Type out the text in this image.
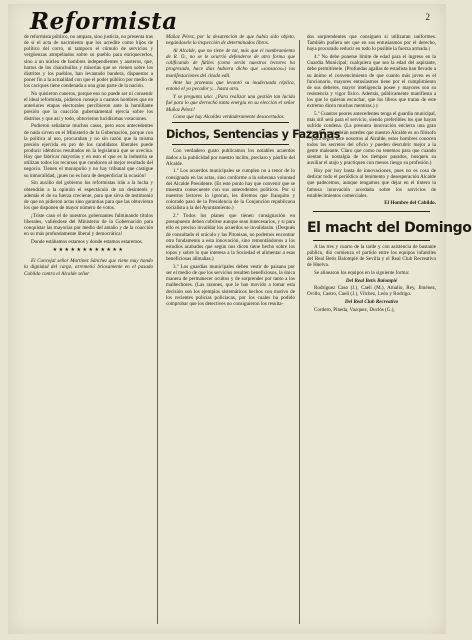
Reformista	2

de reformista público, no ampara, sino justicia, no presenta tras de sí el acta de nacimiento que los acredite como hijos de político del corro, ni tampoco el cúmulo de servicios y vergüenzas atropellados sobre su pueblo para enriquecerlos, sino a un núcleo de hombres independientes y austeros, que, hartos de los chanchullos y miserias que se vienen sobre los distritos y los pueblos, han levantado bandera, dispuestos a poner fin a la actualidad con que el poder público por medio de los caciques tiene condenada a una gran parte de la nación.

No quisieron cuneros, porque eso no puede ser ni consentir el ideal reformista, pidieron consejo a cuantos hombres que en anteriores etapas electorales percibieron ante la humillante presión que la coacción gubernamental ejercía sobre los distritos y que así y todo, obtuvieron lucidísimas votaciones.

Pudieron señalarse muchos casos, pero esos antecedentes de nada sirven en el Ministerio de la Gobernación, porque con la política al uso, procuraban y no sin razón que la misma presión ejercida en pro de los candidatos liberales puede producir idénticos resultados en la legislatura que se avecina. Hay que fabricar mayorías y en esto el que es la industria se utilizan todos los recursos que conducen al mejor resultado del negocio. Tienen el monopolio y no hay tribunal que castigue su inmoralidad, ¡pues no es hora de desperdiciar la ocasión!

Sin auxilio del gobierno los reformistas irán a la lucha y obtendrán a la opinión el espectáculo de un desinterés y además el de su fuerza creciente, para que sirva de testimonio de que no pidieron actas sino garantías para que las obtuvieran los que disponen de mayor número de votos.

¡Triste caso el de nuestros gobernantes fulminando títulos liberales, valiéndose del Ministerio de la Gobernación para conquistar las mayorías por medio del amaño y de la coacción en su más profundamente liberal y democrática!

Donde estábamos estamos y donde estamos estaremos.

★★★★★★★★★★★★

El Concejal señor Martínez Sánchez que viene muy hondo la dignidad del cargo, arremetió briosamente en el pasado Cabildo contra el Alcalde señor

Muñoz Pérez, por la desatención de que había sido objeto, negándosele la inspección de determinados libros.

Al Alcalde, que no tiene de tal, más que el nombramiento de R. O., no se le ocurrió defenderse de otra forma que calificando de fútiles (como serán nuestros lectores ha progresado, hace días hubiera dicho que «sonsacas») las manifestaciones del citado edil.

Ante las protestas que levantó su inadecuada réplica, entonó el yo pecador y... hasta otra.

Y se pregunta uno: ¿Para realizar una gestión tan lucida fué para lo que derrochó tanta energía en su elección el señor Muñoz Pérez?

Como que hay Alcaldes verdaderamente desacertados.

Dichos, Sentencias y Fazañas

Con verdadero gusto publicamos los notables acuerdos dados a la publicidad por nuestro inclito, preclaro y pánfilo del Alcalde.

1.º Los acuerdos municipales se cumplen no a tenor de lo consignado en las actas, sino conforme a la soberana voluntad del Alcalde Presidente. (Es este punto hay que convenir que se muestra consecuente con sus antecedentes políticos. Por si nuestros lectores lo ignoran, les diremos que franquito y colorado pasó de la Presidencia de la Conjunción republicana socialista a la del Ayuntamiento.)

2.º Todos los planes que tienen consignación en presupuesto deben cubrirse aunque sean innecesarios, y si para ello es preciso invalidar los acuerdos se invalidarán. (Después de consultado el oráculo y las Pitonisas, no podemos encontrar otro fundamento a esta innovación, sino remontándonos a los estudios acabados que según nos dicen tiene hecho sobre los topos y sobre lo que interesa a la Sociedad el alimentar a esas beneficiosas alimañas.)

3.º Los guardias municipales deben vestir de paisano por ser el medio de que los servicios resulten beneficiosos, la única manera de permanecer ocultos y de sorprender por tanto a los malhechores. (Las razones, que le han movido a tomar esta decisión son los ejemplos sistemáticos hechos con motivo de los recientes policías policiacas, por los cuales ha podido comprobar que los detectives no consiguieron los resulta-

dos sorprendentes que consiguen si utilizaran uniformes. También pudiera ser que en sus entusiasmos por el derecho, haya procurado reducir en todo lo posible la fuerza armada.)

4.º No debe ponerse límite de edad para el ingreso en la Guardia Municipal; cualquiera que sea la edad del aspirante, debe permitírsele. (Profundas agallas de estadista han llevado a su ánimo el convencimiento de que cuanto más joven es el funcionario, mayores entusiasmos tiene por el cumplimiento de sus deberes, mayor inteligencia posee y mayores son su resistencia y vigor físico. Además, públicamente manifiesta a los que lo quieran escuchar, que los libros que tratan de este extremo dicen muchas mentiras.) y

5.º Cuantos peores antecedentes tenga el guardia municipal, más útil será para el servicio, siendo preferibles los que hayan sufrido condena. (La presunta innovación encierra una gran filosofía, y si sabrán ustedes que nuestro Alcalde es un filósofo —para según dice nosotros al Alcalde, estos hombres conocen todos los secretos del oficio y pueden descubrir mejor a la gente maleante. Claro que como no tenemos para que cuando sientan la nostalgia de los tiempos pasados, busquen su auxiliar el atajo y practiquen con menos riesgo su profesión.)

Hoy por hoy basta de innovaciones, pues no es cosa de dedicar todo el periódico al lenimento y desesperación Alcalde que padecemos, aunque tengamos que dejar en el tintero la famosa innovación acordada sobre los servicios de establecimientos comerciales.

El Hombre del Cabildo.
El macht del Domingo

A las tres y cuarto de la tarde y con asistencia de bastante público, dió comienzo el partido entre los equipos infantiles del Real Betis Balompié de Sevilla y el Real Club Recreativo de Huelva.

Se alinearon los equipos en la siguiente forma:

Del Real Betis Balompié

Rodríguez Caso (J.), Caeli (M.), Amalio, Rey, Jiménez, Ovillo, Castro, Caeli (J.), Vilchez, León y Rodrigo.

Del Real Club Recreativo

Cordero, Pineda, Vazquez, Duclós (G.),
